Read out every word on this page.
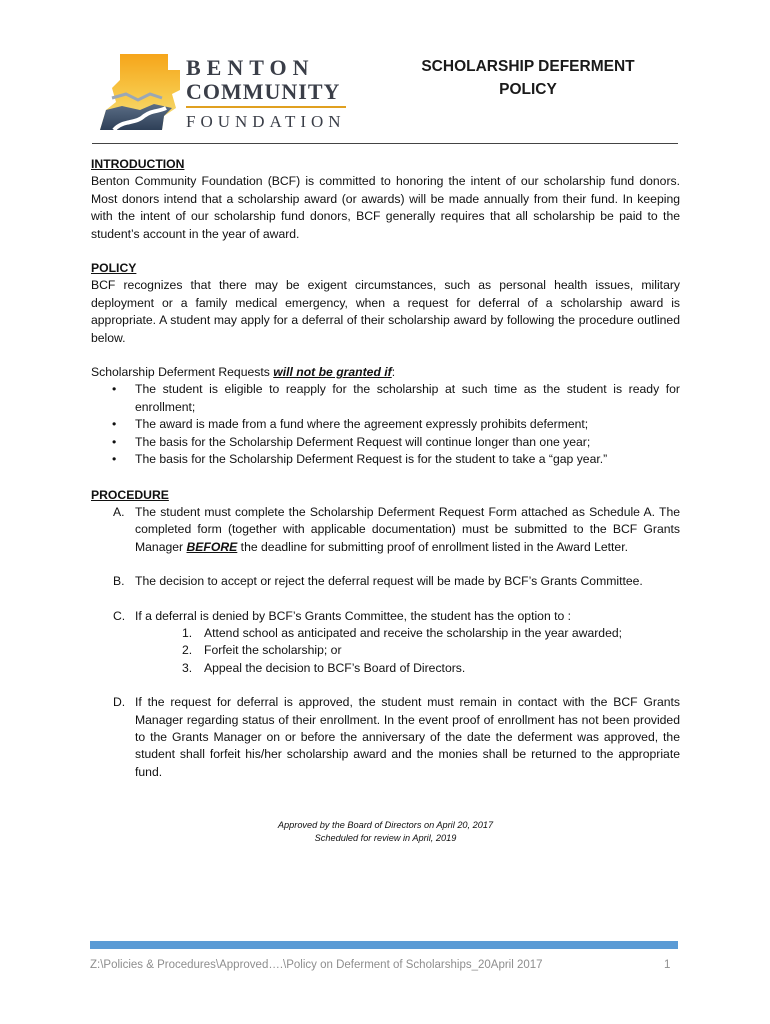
BENTON
COMMUNITY
FOUNDATION
SCHOLARSHIP DEFERMENT
POLICY

INTRODUCTION

Benton Community Foundation (BCF) is committed to honoring the intent of our scholarship fund donors. Most donors intend that a scholarship award (or awards) will be made annually from their fund. In keeping with the intent of our scholarship fund donors, BCF generally requires that all scholarship be paid to the student’s account in the year of award.

POLICY

BCF recognizes that there may be exigent circumstances, such as personal health issues, military deployment or a family medical emergency, when a request for deferral of a scholarship award is appropriate. A student may apply for a deferral of their scholarship award by following the procedure outlined below.

Scholarship Deferment Requests will not be granted if:

• The student is eligible to reapply for the scholarship at such time as the student is ready for enrollment;
• The award is made from a fund where the agreement expressly prohibits deferment;
• The basis for the Scholarship Deferment Request will continue longer than one year;
• The basis for the Scholarship Deferment Request is for the student to take a “gap year.”

PROCEDURE

A. The student must complete the Scholarship Deferment Request Form attached as Schedule A. The completed form (together with applicable documentation) must be submitted to the BCF Grants Manager BEFORE the deadline for submitting proof of enrollment listed in the Award Letter.
B. The decision to accept or reject the deferral request will be made by BCF’s Grants Committee.
C. If a deferral is denied by BCF’s Grants Committee, the student has the option to :
1. Attend school as anticipated and receive the scholarship in the year awarded;
2. Forfeit the scholarship; or
3. Appeal the decision to BCF’s Board of Directors.
D. If the request for deferral is approved, the student must remain in contact with the BCF Grants Manager regarding status of their enrollment. In the event proof of enrollment has not been provided to the Grants Manager on or before the anniversary of the date the deferment was approved, the student shall forfeit his/her scholarship award and the monies shall be returned to the appropriate fund.
Approved by the Board of Directors on April 20, 2017
Scheduled for review in April, 2019
Z:\Policies & Procedures\Approved….\Policy on Deferment of Scholarships_20April 2017	1
